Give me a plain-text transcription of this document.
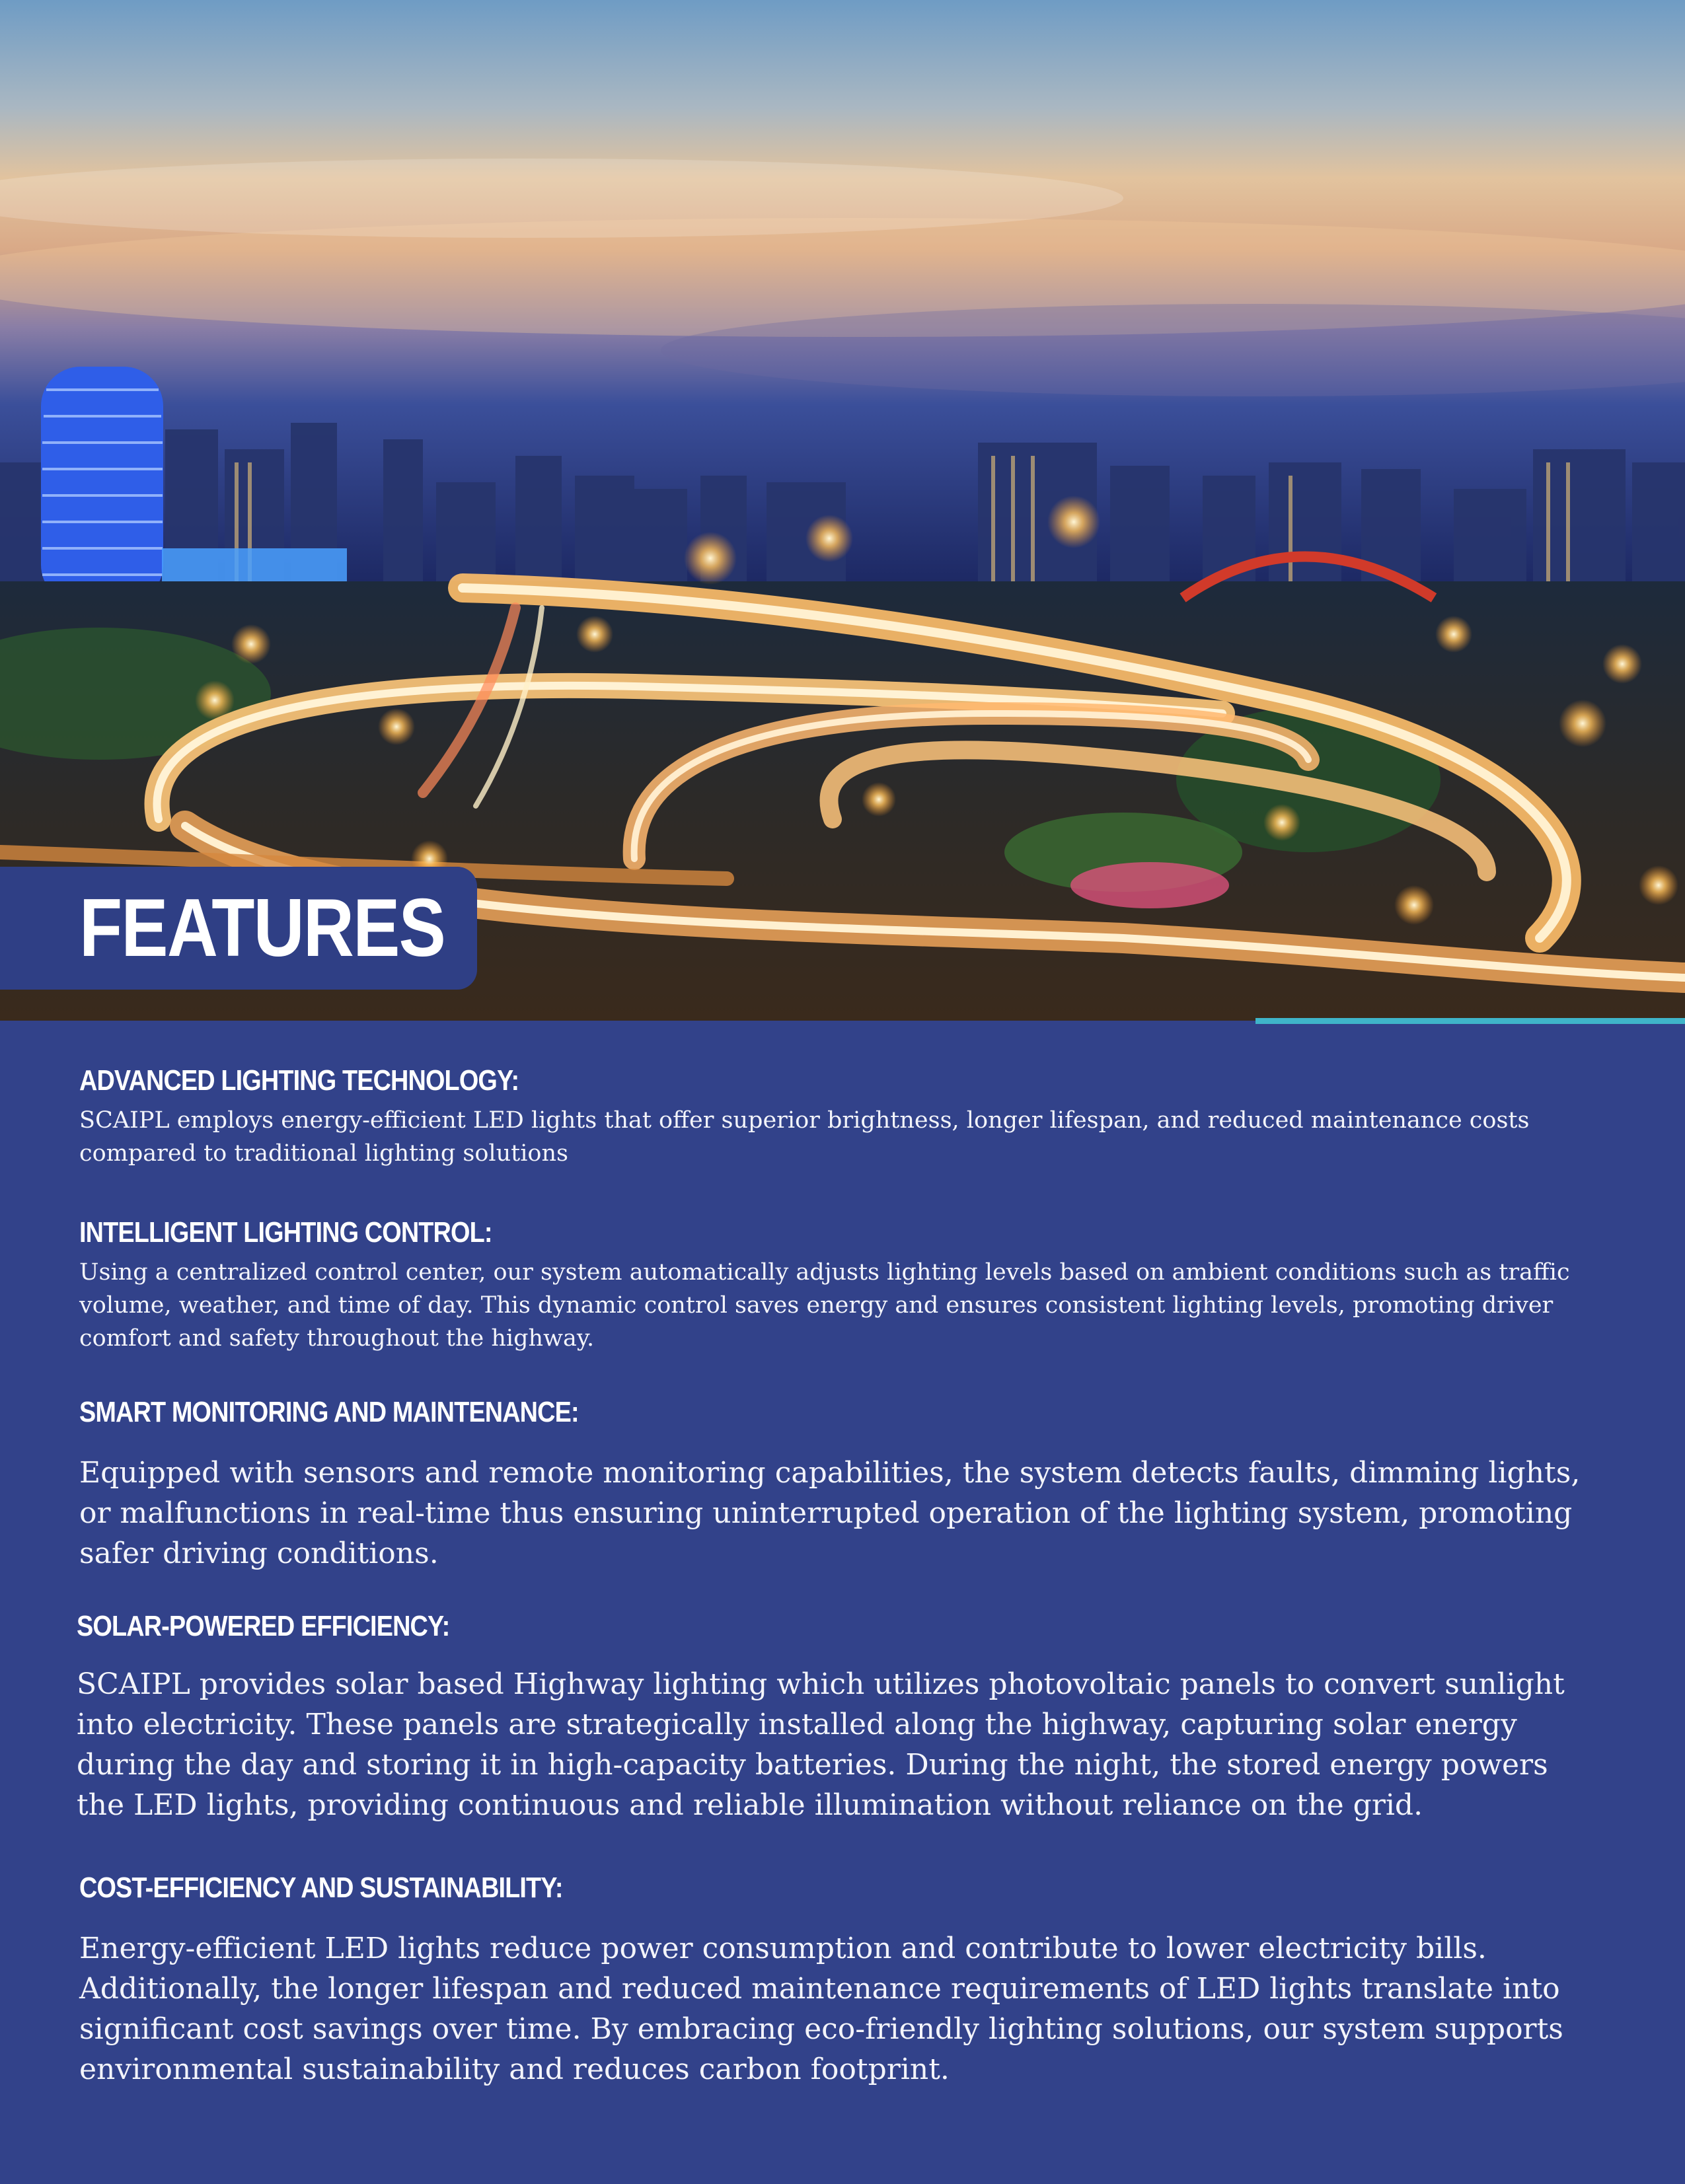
FEATURES
ADVANCED LIGHTING TECHNOLOGY:

SCAIPL employs energy-efficient LED lights that offer superior brightness, longer lifespan, and reduced maintenance costs compared to traditional lighting solutions

INTELLIGENT LIGHTING CONTROL:

Using a centralized control center, our system automatically adjusts lighting levels based on ambient conditions such as traffic volume, weather, and time of day. This dynamic control saves energy and ensures consistent lighting levels, promoting driver comfort and safety throughout the highway.

SMART MONITORING AND MAINTENANCE:

Equipped with sensors and remote monitoring capabilities, the system detects faults, dimming lights, or malfunctions in real-time thus ensuring uninterrupted operation of the lighting system, promoting safer driving conditions.

SOLAR-POWERED EFFICIENCY:

SCAIPL provides solar based Highway lighting which utilizes photovoltaic panels to convert sunlight into electricity. These panels are strategically installed along the highway, capturing solar energy during the day and storing it in high-capacity batteries. During the night, the stored energy powers the LED lights, providing continuous and reliable illumination without reliance on the grid.

COST-EFFICIENCY AND SUSTAINABILITY:

Energy-efficient LED lights reduce power consumption and contribute to lower electricity bills. Additionally, the longer lifespan and reduced maintenance requirements of LED lights translate into significant cost savings over time. By embracing eco-friendly lighting solutions, our system supports environmental sustainability and reduces carbon footprint.
